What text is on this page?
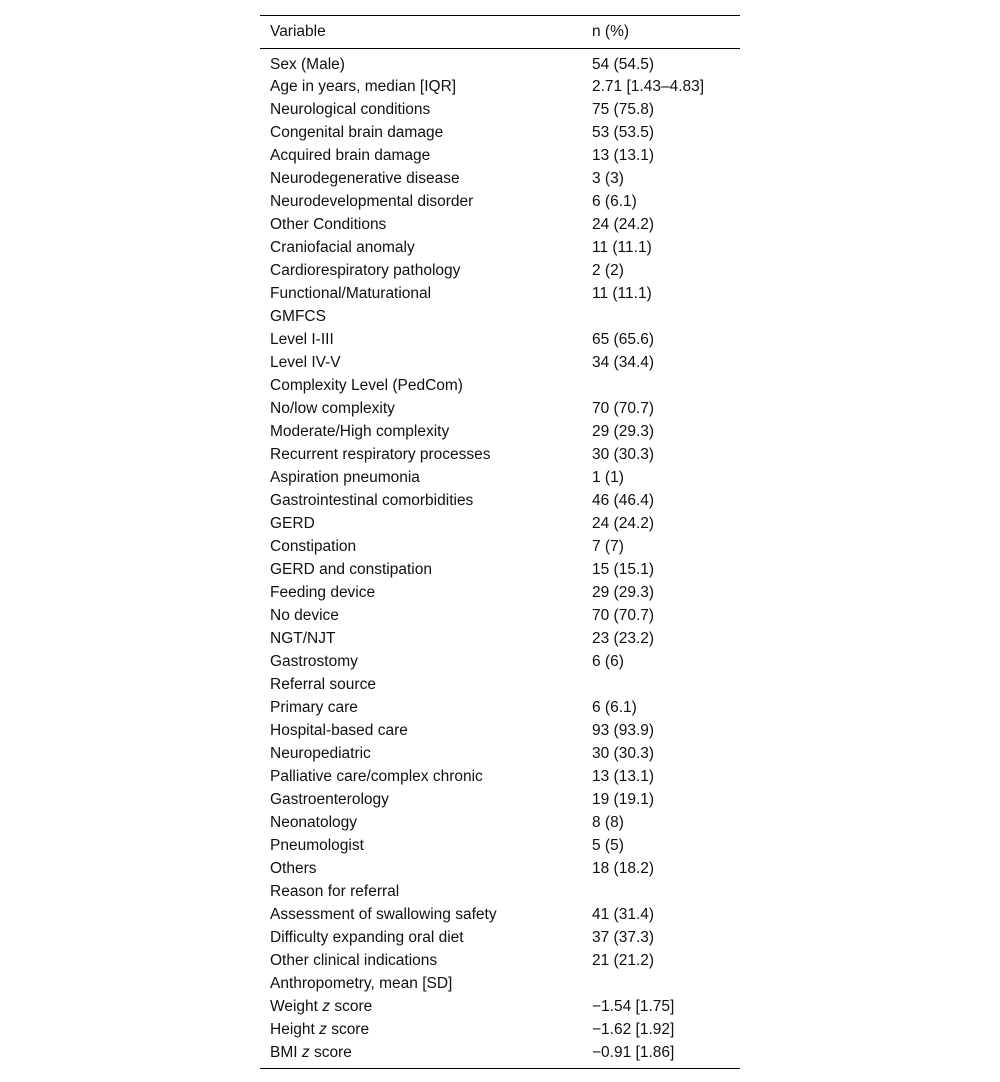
Variable	n (%)
Sex (Male)	54 (54.5)
Age in years, median [IQR]	2.71 [1.43–4.83]
Neurological conditions	75 (75.8)
Congenital brain damage	53 (53.5)
Acquired brain damage	13 (13.1)
Neurodegenerative disease	3 (3)
Neurodevelopmental disorder	6 (6.1)
Other Conditions	24 (24.2)
Craniofacial anomaly	11 (11.1)
Cardiorespiratory pathology	2 (2)
Functional/Maturational	11 (11.1)
GMFCS	
Level I-III	65 (65.6)
Level IV-V	34 (34.4)
Complexity Level (PedCom)	
No/low complexity	70 (70.7)
Moderate/High complexity	29 (29.3)
Recurrent respiratory processes	30 (30.3)
Aspiration pneumonia	1 (1)
Gastrointestinal comorbidities	46 (46.4)
GERD	24 (24.2)
Constipation	7 (7)
GERD and constipation	15 (15.1)
Feeding device	29 (29.3)
No device	70 (70.7)
NGT/NJT	23 (23.2)
Gastrostomy	6 (6)
Referral source	
Primary care	6 (6.1)
Hospital-based care	93 (93.9)
Neuropediatric	30 (30.3)
Palliative care/complex chronic	13 (13.1)
Gastroenterology	19 (19.1)
Neonatology	8 (8)
Pneumologist	5 (5)
Others	18 (18.2)
Reason for referral	
Assessment of swallowing safety	41 (31.4)
Difficulty expanding oral diet	37 (37.3)
Other clinical indications	21 (21.2)
Anthropometry, mean [SD]	
Weight z score	−1.54 [1.75]
Height z score	−1.62 [1.92]
BMI z score	−0.91 [1.86]
